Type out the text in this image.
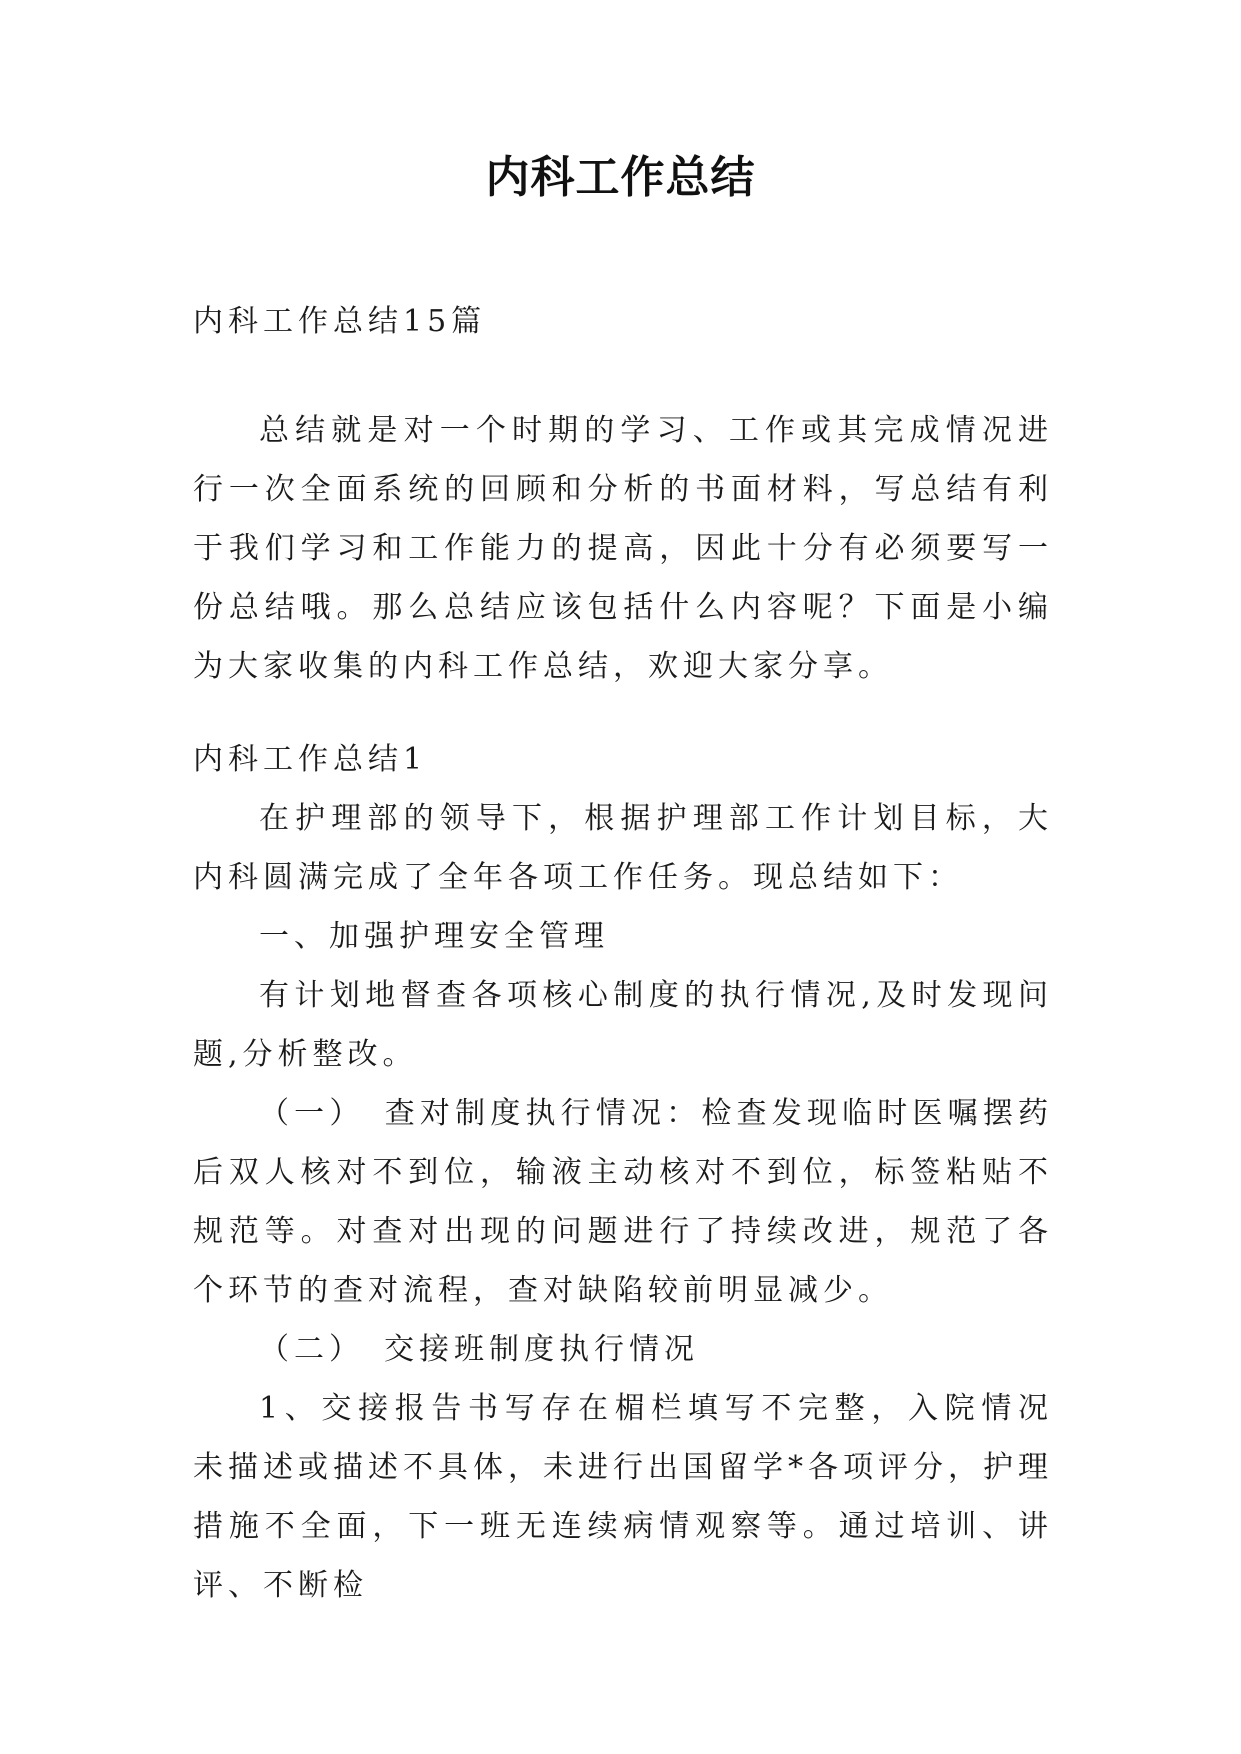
内科工作总结
内科工作总结15篇

总结就是对一个时期的学习、工作或其完成情况进行一次全面系统的回顾和分析的书面材料，写总结有利于我们学习和工作能力的提高，因此十分有必须要写一份总结哦。那么总结应该包括什么内容呢？下面是小编为大家收集的内科工作总结，欢迎大家分享。

内科工作总结1

在护理部的领导下，根据护理部工作计划目标，大内科圆满完成了全年各项工作任务。现总结如下：

一、加强护理安全管理

有计划地督查各项核心制度的执行情况,及时发现问题,分析整改。

（一）　查对制度执行情况：检查发现临时医嘱摆药后双人核对不到位，输液主动核对不到位，标签粘贴不规范等。对查对出现的问题进行了持续改进，规范了各个环节的查对流程，查对缺陷较前明显减少。

（二）　交接班制度执行情况

1、交接报告书写存在楣栏填写不完整，入院情况未描述或描述不具体，未进行出国留学*各项评分，护理措施不全面，下一班无连续病情观察等。通过培训、讲评、不断检
